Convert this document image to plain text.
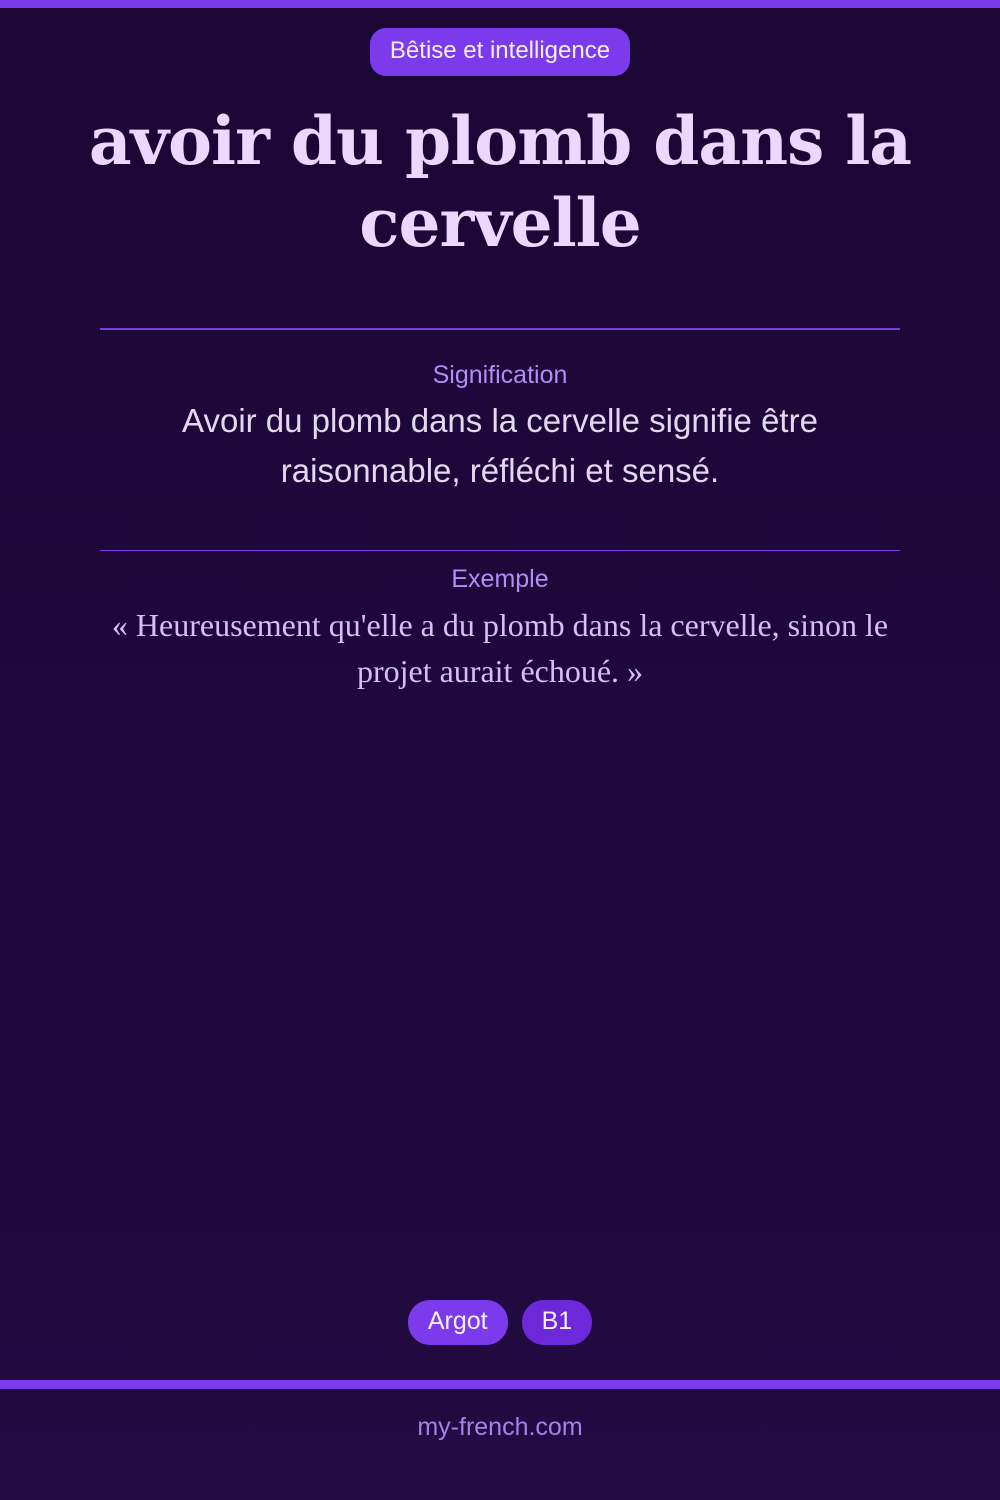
Bêtise et intelligence
avoir du plomb dans la cervelle
Signification

Avoir du plomb dans la cervelle signifie être raisonnable, réfléchi et sensé.

Exemple

« Heureusement qu'elle a du plomb dans la cervelle, sinon le projet aurait échoué. »

Argot B1
my-french.com
